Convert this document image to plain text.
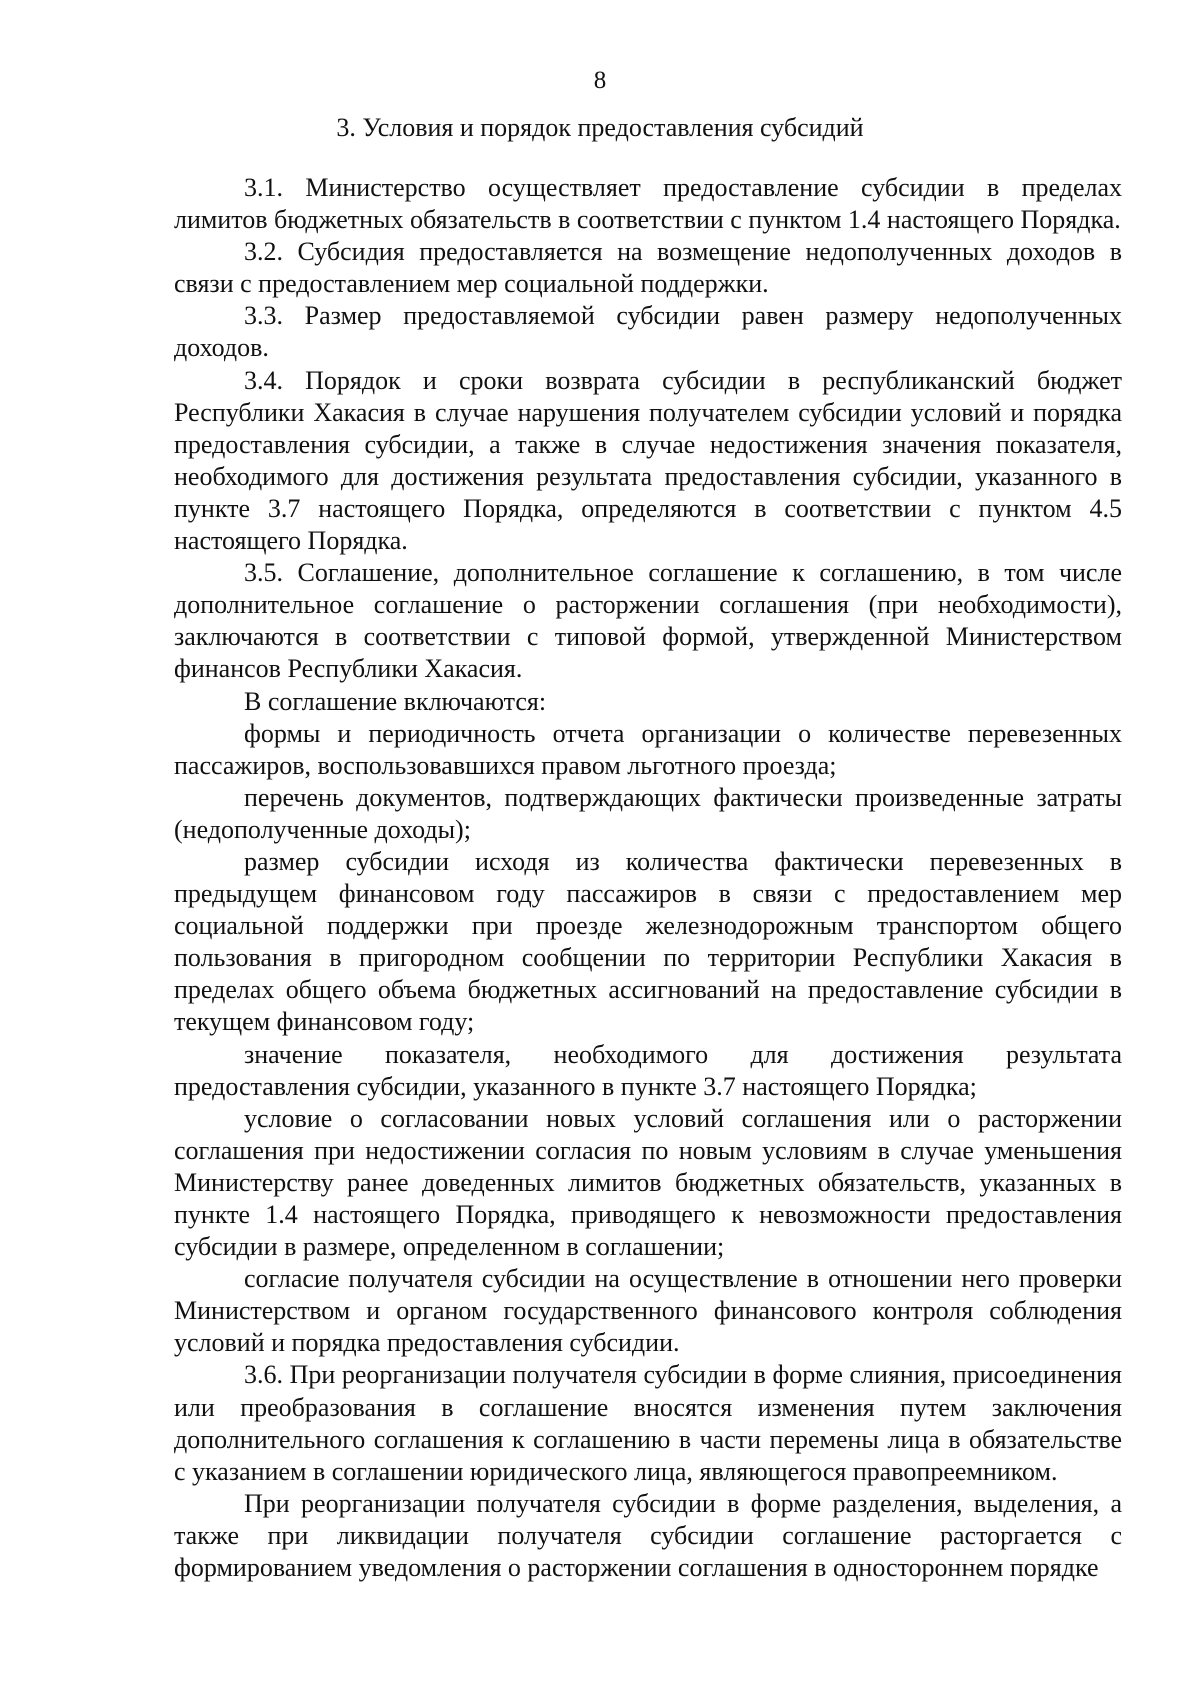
8
3. Условия и порядок предоставления субсидий

3.1. Министерство осуществляет предоставление субсидии в пределах лимитов бюджетных обязательств в соответствии с пунктом 1.4 настоящего Порядка.

3.2. Субсидия предоставляется на возмещение недополученных доходов в связи с предоставлением мер социальной поддержки.

3.3. Размер предоставляемой субсидии равен размеру недополученных доходов.

3.4. Порядок и сроки возврата субсидии в республиканский бюджет Республики Хакасия в случае нарушения получателем субсидии условий и порядка предоставления субсидии, а также в случае недостижения значения показателя, необходимого для достижения результата предоставления субсидии, указанного в пункте 3.7 настоящего Порядка, определяются в соответствии с пунктом 4.5 настоящего Порядка.

3.5. Соглашение, дополнительное соглашение к соглашению, в том числе дополнительное соглашение о расторжении соглашения (при необходимости), заключаются в соответствии с типовой формой, утвержденной Министерством финансов Республики Хакасия.

В соглашение включаются:

формы и периодичность отчета организации о количестве перевезенных пассажиров, воспользовавшихся правом льготного проезда;

перечень документов, подтверждающих фактически произведенные затраты (недополученные доходы);

размер субсидии исходя из количества фактически перевезенных в предыдущем финансовом году пассажиров в связи с предоставлением мер социальной поддержки при проезде железнодорожным транспортом общего пользования в пригородном сообщении по территории Республики Хакасия в пределах общего объема бюджетных ассигнований на предоставление субсидии в текущем финансовом году;

значение показателя, необходимого для достижения результата предоставления субсидии, указанного в пункте 3.7 настоящего Порядка;

условие о согласовании новых условий соглашения или о расторжении соглашения при недостижении согласия по новым условиям в случае уменьшения Министерству ранее доведенных лимитов бюджетных обязательств, указанных в пункте 1.4 настоящего Порядка, приводящего к невозможности предоставления субсидии в размере, определенном в соглашении;

согласие получателя субсидии на осуществление в отношении него проверки Министерством и органом государственного финансового контроля соблюдения условий и порядка предоставления субсидии.

3.6. При реорганизации получателя субсидии в форме слияния, присоединения или преобразования в соглашение вносятся изменения путем заключения дополнительного соглашения к соглашению в части перемены лица в обязательстве с указанием в соглашении юридического лица, являющегося правопреемником.

При реорганизации получателя субсидии в форме разделения, выделения, а также при ликвидации получателя субсидии соглашение расторгается с формированием уведомления о расторжении соглашения в одностороннем порядке
